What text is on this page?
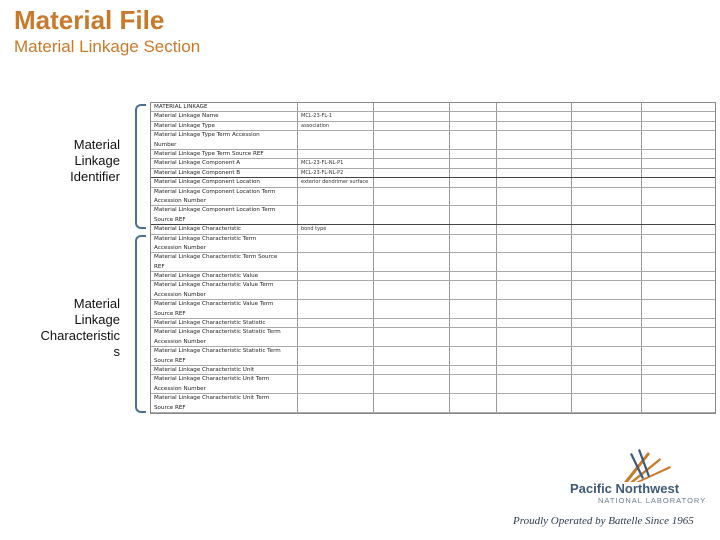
Material File
Material Linkage Section
Material
Linkage
Identifier
Material
Linkage
Characteristic
s
MATERIAL LINKAGE
Material Linkage Name	MCL-23-FL-1
Material Linkage Type	association
Material Linkage Type Term Accession
Number
Material Linkage Type Term Source REF
Material Linkage Component A	MCL-23-FL-NL-P1
Material Linkage Component B	MCL-23-FL-NL-P2
Material Linkage Component Location	exterior dendrimer surface
Material Linkage Component Location Term
Accession Number
Material Linkage Component Location Term
Source REF
Material Linkage Characteristic	bond type
Material Linkage Characteristic Term
Accession Number
Material Linkage Characteristic Term Source
REF
Material Linkage Characteristic Value
Material Linkage Characteristic Value Term
Accession Number
Material Linkage Characteristic Value Term
Source REF
Material Linkage Characteristic Statistic
Material Linkage Characteristic Statistic Term
Accession Number
Material Linkage Characteristic Statistic Term
Source REF
Material Linkage Characteristic Unit
Material Linkage Characteristic Unit Term
Accession Number
Material Linkage Characteristic Unit Term
Source REF
Pacific Northwest
NATIONAL LABORATORY
Proudly Operated by Battelle Since 1965
